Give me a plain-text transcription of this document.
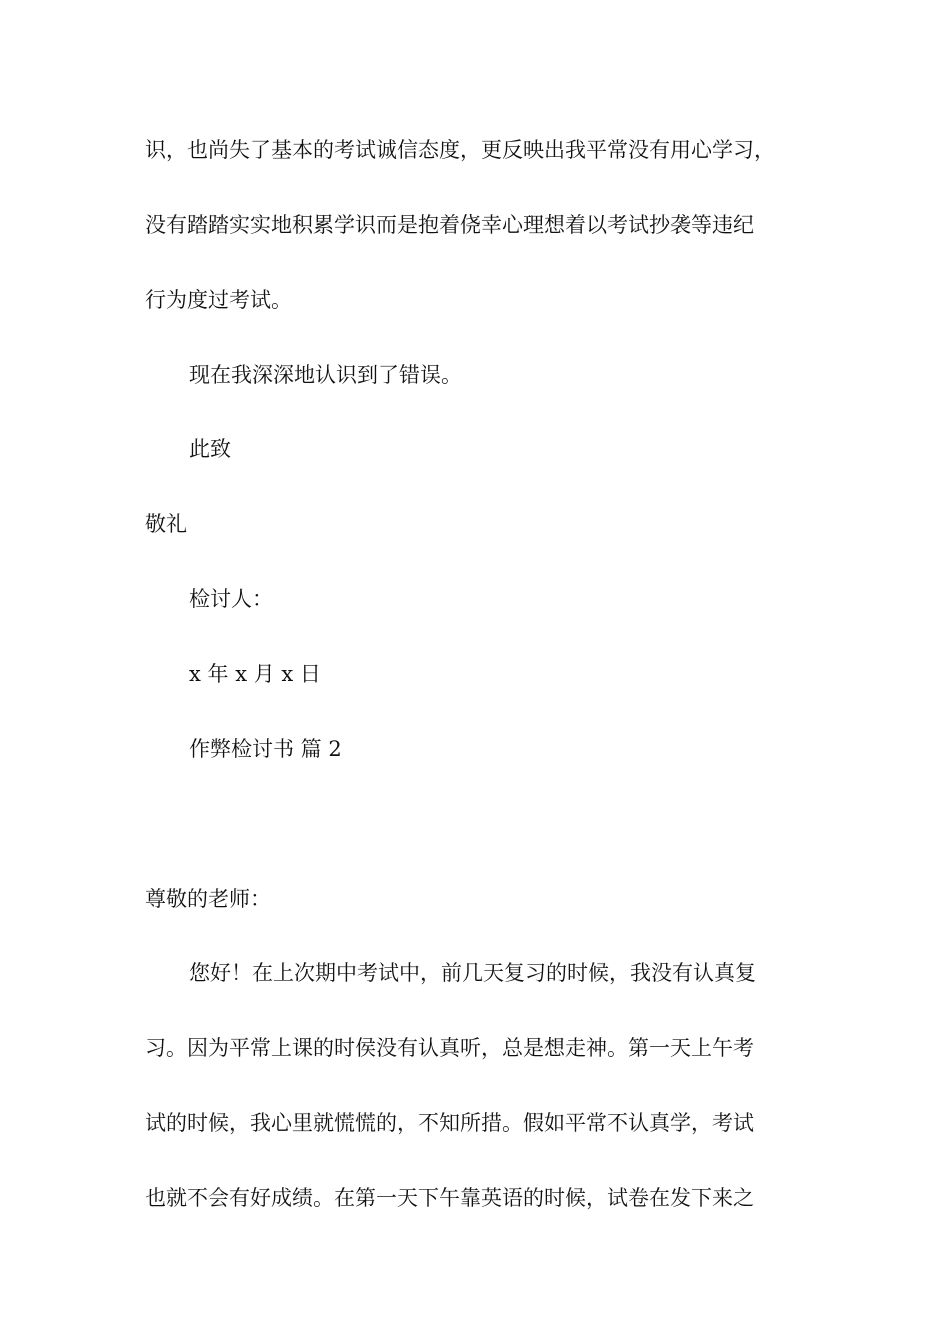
识，也尚失了基本的考试诚信态度，更反映出我平常没有用心学习，
没有踏踏实实地积累学识而是抱着侥幸心理想着以考试抄袭等违纪
行为度过考试。
现在我深深地认识到了错误。
此致
敬礼
检讨人：
x 年 x 月 x 日
作弊检讨书 篇 2
尊敬的老师：
您好！在上次期中考试中，前几天复习的时候，我没有认真复
习。因为平常上课的时侯没有认真听，总是想走神。第一天上午考
试的时候，我心里就慌慌的，不知所措。假如平常不认真学，考试
也就不会有好成绩。在第一天下午靠英语的时候，试卷在发下来之
